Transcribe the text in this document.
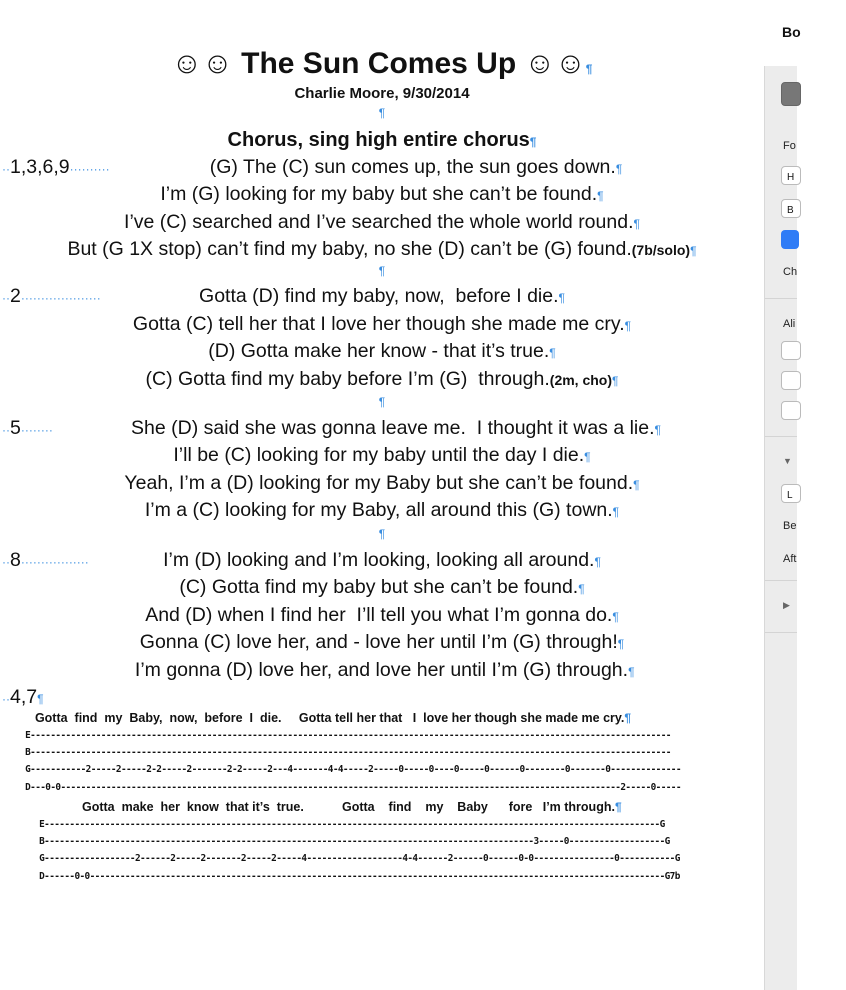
☺☺ The Sun Comes Up ☺☺¶
Charlie Moore, 9/30/2014
¶
Chorus, sing high entire chorus¶
··1,3,6,9··········	(G) The (C) sun comes up, the sun goes down.¶
I’m (G) looking for my baby but she can’t be found.¶
I’ve (C) searched and I’ve searched the whole world round.¶
But (G 1X stop) can’t find my baby, no she (D) can’t be (G) found.(7b/solo)¶
¶
··2····················	Gotta (D) find my baby, now,  before I die.¶
Gotta (C) tell her that I love her though she made me cry.¶
(D) Gotta make her know - that it’s true.¶
(C) Gotta find my baby before I’m (G)  through.(2m, cho)¶
¶
··5········	She (D) said she was gonna leave me.  I thought it was a lie.¶
I’ll be (C) looking for my baby until the day I die.¶
Yeah, I’m a (D) looking for my Baby but she can’t be found.¶
I’m a (C) looking for my Baby, all around this (G) town.¶
¶
··8·················	I’m (D) looking and I’m looking, looking all around.¶
(C) Gotta find my baby but she can’t be found.¶
And (D) when I find her  I’ll tell you what I’m gonna do.¶
Gonna (C) love her, and - love her until I’m (G) through!¶
I’m gonna (D) love her, and love her until I’m (G) through.¶
··4,7¶
Gotta  find  my  Baby,  now,  before  I  die.     Gotta tell her that   I  love her though she made me cry.¶
E-------------------------------------------------------------------------------------------------------------------------------
B-------------------------------------------------------------------------------------------------------------------------------
G-----------2-----2-----2-2-----2-------2-2-----2---4-------4-4-----2-----0-----0----0-----0------0--------0-------0--------------
D---0-0---------------------------------------------------------------------------------------------------------------2-----0-----
Gotta  make  her  know  that it’s  true.           Gotta    find    my    Baby      fore   I’m through.¶
E--------------------------------------------------------------------------------------------------------------------------G
B-------------------------------------------------------------------------------------------------3-----0-------------------G
G------------------2------2-----2-------2-----2-----4-------------------4-4------2------0------0-0----------------0-----------G
D------0-0------------------------------------------------------------------------------------------------------------------G7b
Bo
Fo
H
B
Ch
Ali
▼
L
Be
Aft
▶
